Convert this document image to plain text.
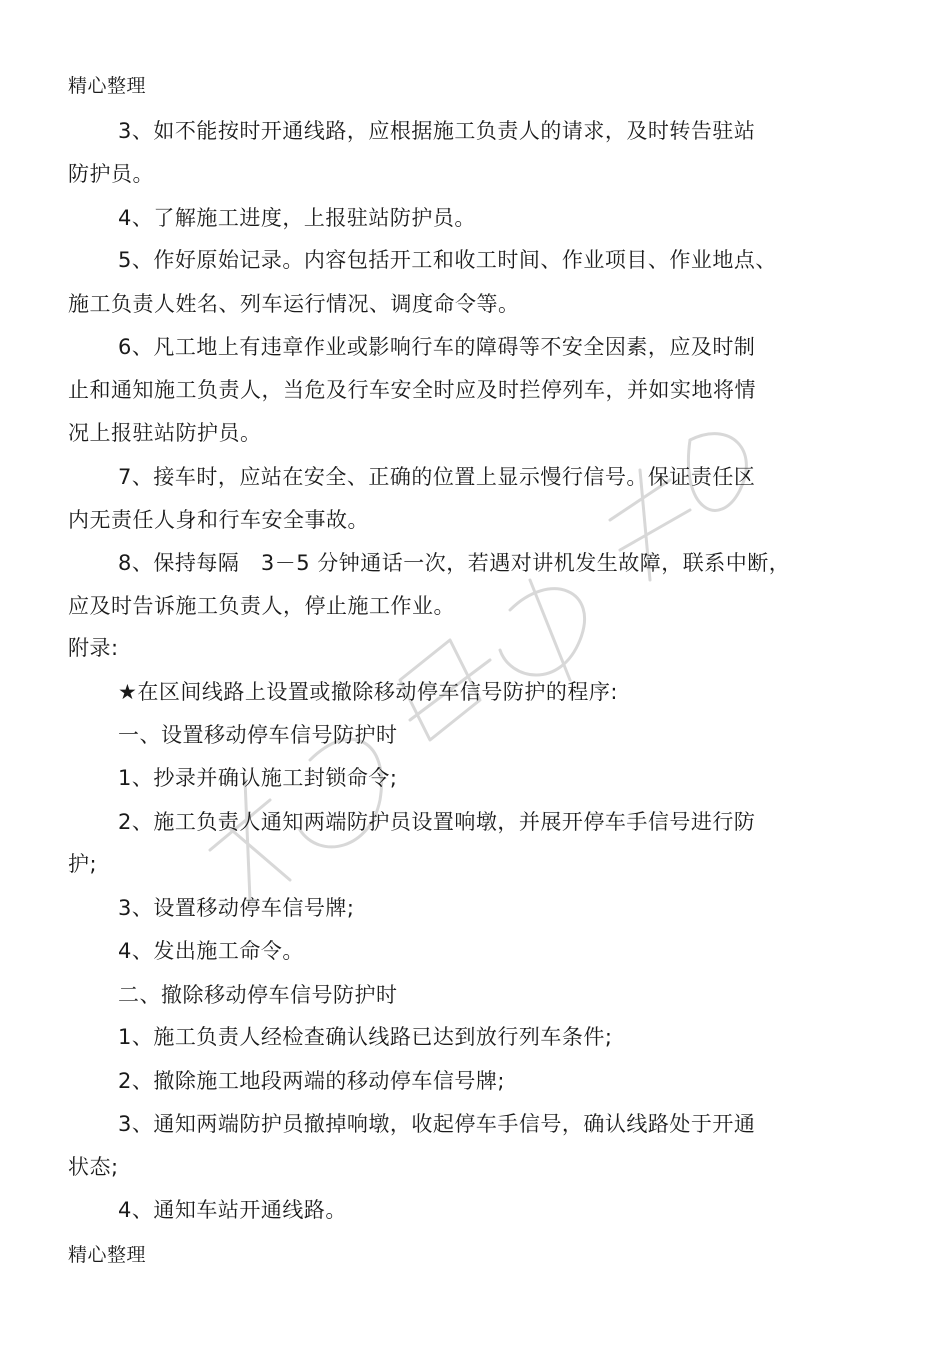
精心整理
3、如不能按时开通线路，应根据施工负责人的请求，及时转告驻站
防护员。
4、了解施工进度，上报驻站防护员。
5、作好原始记录。内容包括开工和收工时间、作业项目、作业地点、
施工负责人姓名、列车运行情况、调度命令等。
6、凡工地上有违章作业或影响行车的障碍等不安全因素，应及时制
止和通知施工负责人，当危及行车安全时应及时拦停列车，并如实地将情
况上报驻站防护员。
7、接车时，应站在安全、正确的位置上显示慢行信号。保证责任区
内无责任人身和行车安全事故。
8、保持每隔　3－5 分钟通话一次，若遇对讲机发生故障，联系中断，
应及时告诉施工负责人，停止施工作业。
附录:
★在区间线路上设置或撤除移动停车信号防护的程序:
一、设置移动停车信号防护时
1、抄录并确认施工封锁命令;
2、施工负责人通知两端防护员设置响墩，并展开停车手信号进行防
护;
3、设置移动停车信号牌;
4、发出施工命令。
二、撤除移动停车信号防护时
1、施工负责人经检查确认线路已达到放行列车条件;
2、撤除施工地段两端的移动停车信号牌;
3、通知两端防护员撤掉响墩，收起停车手信号，确认线路处于开通
状态;
4、通知车站开通线路。
精心整理
